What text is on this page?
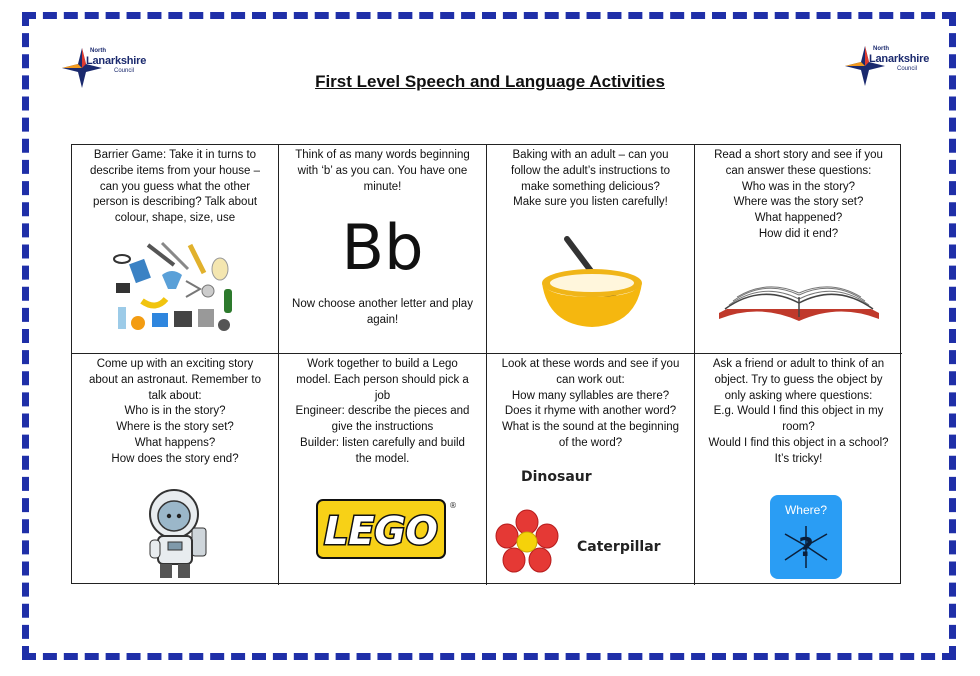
North
Lanarkshire
Council
North
Lanarkshire
Council
First Level Speech and Language Activities

Barrier Game: Take it in turns to

describe items from your house –

can you guess what the other

person is describing? Talk about

colour, shape, size, use

Think of as many words beginning

with ‘b’ as you can. You have one

minute!

Bb

Now choose another letter and play

again!

Baking with an adult – can you

follow the adult’s instructions to

make something delicious?

Make sure you listen carefully!

Read a short story and see if you

can answer these questions:

Who was in the story?

Where was the story set?

What happened?

How did it end?

Come up with an exciting story

about an astronaut. Remember to

talk about:

Who is in the story?

Where is the story set?

What happens?

How does the story end?

Work together to build a Lego

model. Each person should pick a

job

Engineer: describe the pieces and

give the instructions

Builder: listen carefully and build

the model.

LEGO
®

Look at these words and see if you

can work out:

How many syllables are there?

Does it rhyme with another word?

What is the sound at the beginning

of the word?

Dinosaur
Caterpillar

Ask a friend or adult to think of an

object. Try to guess the object by

only asking where questions:

E.g. Would I find this object in my

room?

Would I find this object in a school?

It’s tricky!

Where?
?
